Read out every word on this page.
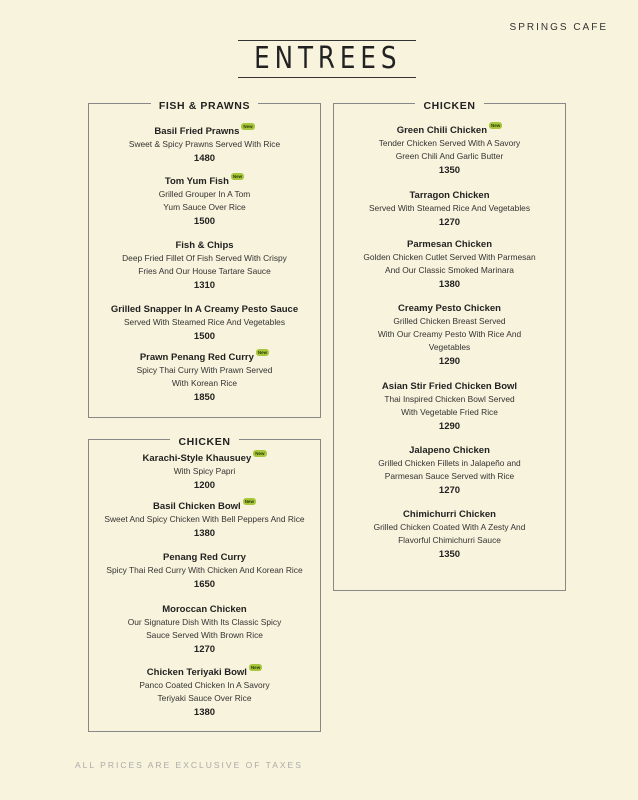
SPRINGS CAFE
ENTREES
FISH & PRAWNS
Basil Fried Prawns New
Sweet & Spicy Prawns Served With Rice
1480
Tom Yum Fish New
Grilled Grouper In A Tom
Yum Sauce Over Rice
1500
Fish & Chips
Deep Fried Fillet Of Fish Served With Crispy
Fries And Our House Tartare Sauce
1310
Grilled Snapper In A Creamy Pesto Sauce
Served With Steamed Rice And Vegetables
1500
Prawn Penang Red Curry New
Spicy Thai Curry With Prawn Served
With Korean Rice
1850
CHICKEN
Karachi-Style Khausuey New
With Spicy Papri
1200
Basil Chicken Bowl New
Sweet And Spicy Chicken With Bell Peppers And Rice
1380
Penang Red Curry
Spicy Thai Red Curry With Chicken And Korean Rice
1650
Moroccan Chicken
Our Signature Dish With Its Classic Spicy
Sauce Served With Brown Rice
1270
Chicken Teriyaki Bowl New
Panco Coated Chicken In A Savory
Teriyaki Sauce Over Rice
1380
CHICKEN
Green Chili Chicken New
Tender Chicken Served With A Savory
Green Chili And Garlic Butter
1350
Tarragon Chicken
Served With Steamed Rice And Vegetables
1270
Parmesan Chicken
Golden Chicken Cutlet Served With Parmesan
And Our Classic Smoked Marinara
1380
Creamy Pesto Chicken
Grilled Chicken Breast Served
With Our Creamy Pesto With Rice And
Vegetables
1290
Asian Stir Fried Chicken Bowl
Thai Inspired Chicken Bowl Served
With Vegetable Fried Rice
1290
Jalapeno Chicken
Grilled Chicken Fillets in Jalapeño and
Parmesan Sauce Served with Rice
1270
Chimichurri Chicken
Grilled Chicken Coated With A Zesty And
Flavorful Chimichurri Sauce
1350
ALL PRICES ARE EXCLUSIVE OF TAXES
